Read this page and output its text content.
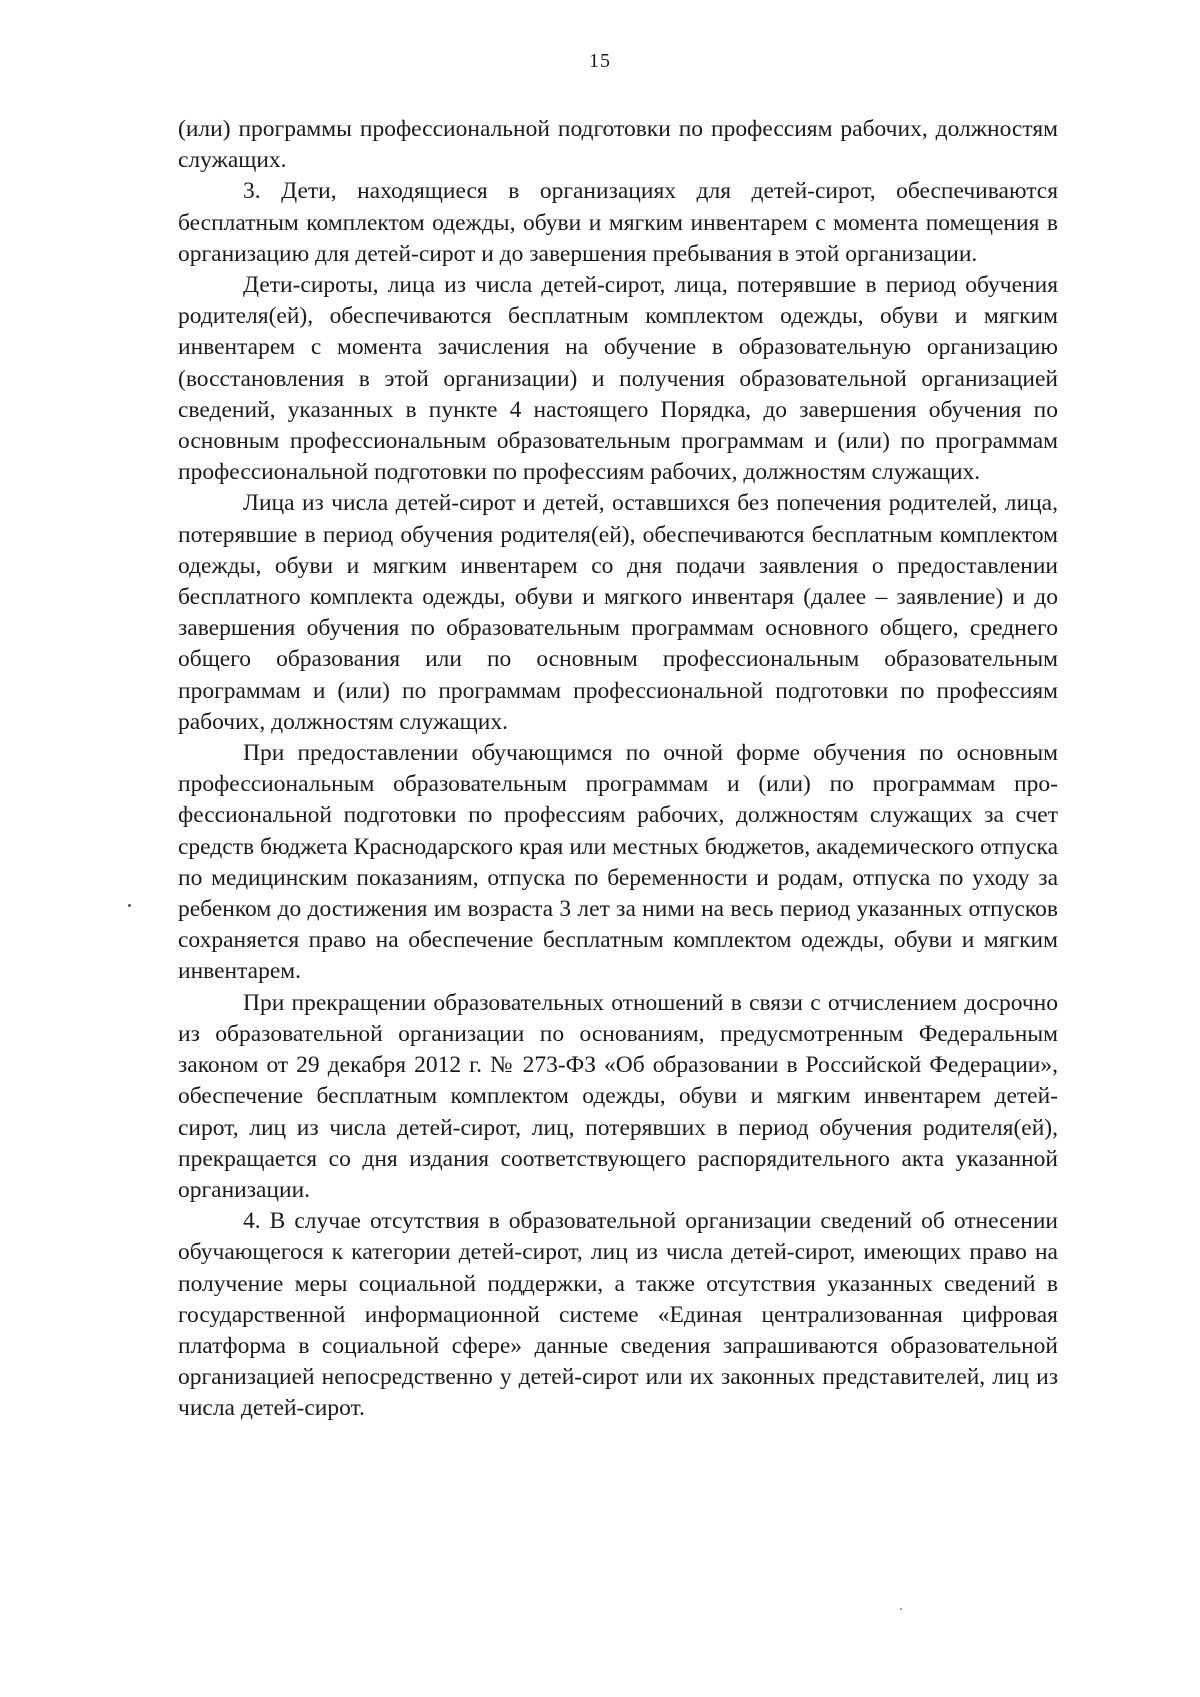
15

(или) программы профессиональной подготовки по профессиям рабочих, должностям служащих.

3. Дети, находящиеся в организациях для детей-сирот, обеспечиваются бесплатным комплектом одежды, обуви и мягким инвентарем с момента помещения в организацию для детей-сирот и до завершения пребывания в этой организации.

Дети-сироты, лица из числа детей-сирот, лица, потерявшие в период обучения родителя(ей), обеспечиваются бесплатным комплектом одежды, обуви и мягким инвентарем с момента зачисления на обучение в образовательную организацию (восстановления в этой организации) и получения образовательной организацией сведений, указанных в пункте 4 настоящего Порядка, до завершения обучения по основным профессиональным образовательным программам и (или) по программам профессиональной подготовки по профессиям рабочих, должностям служащих.

Лица из числа детей-сирот и детей, оставшихся без попечения родителей, лица, потерявшие в период обучения родителя(ей), обеспечиваются бесплатным комплектом одежды, обуви и мягким инвентарем со дня подачи заявления о предоставлении бесплатного комплекта одежды, обуви и мягкого инвентаря (далее – заявление) и до завершения обучения по образовательным программам основного общего, среднего общего образования или по основным профессиональным образовательным программам и (или) по программам профессиональной подготовки по профессиям рабочих, должностям служащих.

При предоставлении обучающимся по очной форме обучения по основным профессиональным образовательным программам и (или) по программам профессиональной подготовки по профессиям рабочих, должностям служащих за счет средств бюджета Краснодарского края или местных бюджетов, академического отпуска по медицинским показаниям, отпуска по беременности и родам, отпуска по уходу за ребенком до достижения им возраста 3 лет за ними на весь период указанных отпусков сохраняется право на обеспечение бесплатным комплектом одежды, обуви и мягким инвентарем.

При прекращении образовательных отношений в связи с отчислением досрочно из образовательной организации по основаниям, предусмотренным Федеральным законом от 29 декабря 2012 г. № 273-ФЗ «Об образовании в Российской Федерации», обеспечение бесплатным комплектом одежды, обуви и мягким инвентарем детей-сирот, лиц из числа детей-сирот, лиц, потерявших в период обучения родителя(ей), прекращается со дня издания соответствующего распорядительного акта указанной организации.

4. В случае отсутствия в образовательной организации сведений об отнесении обучающегося к категории детей-сирот, лиц из числа детей-сирот, имеющих право на получение меры социальной поддержки, а также отсутствия указанных сведений в государственной информационной системе «Единая централизованная цифровая платформа в социальной сфере» данные сведения запрашиваются образовательной организацией непосредственно у детей-сирот или их законных представителей, лиц из числа детей-сирот.
